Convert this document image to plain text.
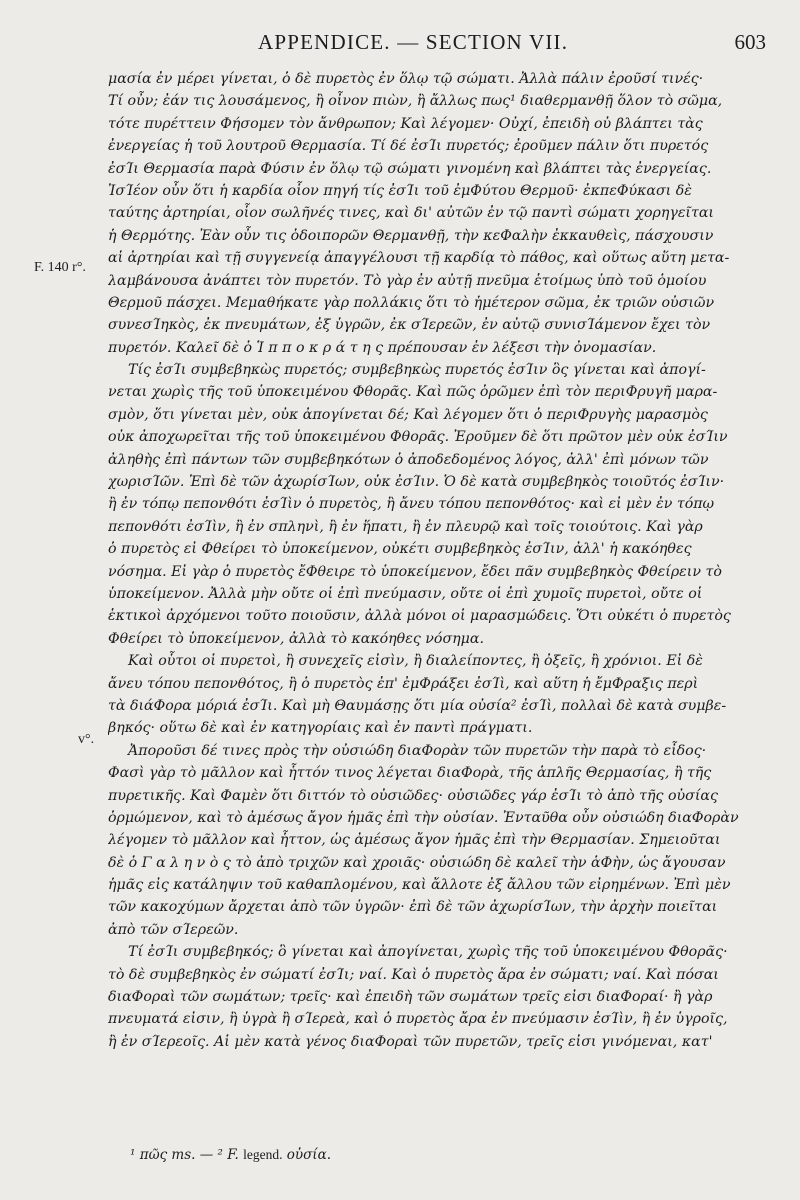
APPENDICE. — SECTION VII.	603
F. 140 r°.
v°.
μασία ἐν μέρει γίνεται, ὁ δὲ πυρετὸς ἐν ὅλῳ τῷ σώματι. Ἀλλὰ πάλιν ἐροῦσί τινές·
Τί οὖν; ἐάν τις λουσάμενος, ἢ οἶνον πιὼν, ἢ ἄλλως πως¹ διαθερμανθῇ ὅλον τὸ σῶμα,
τότε πυρέττειν Φήσομεν τὸν ἄνθρωπον; Καὶ λέγομεν· Οὐχί, ἐπειδὴ οὐ βλάπτει τὰς
ἐνεργείας ἡ τοῦ λουτροῦ Θερμασία. Τί δέ ἐσΊι πυρετός; ἐροῦμεν πάλιν ὅτι πυρετός
ἐσΊι Θερμασία παρὰ Φύσιν ἐν ὅλῳ τῷ σώματι γινομένη καὶ βλάπτει τὰς ἐνεργείας.
ἸσΊέον οὖν ὅτι ἡ καρδία οἷον πηγή τίς ἐσΊι τοῦ ἐμΦύτου Θερμοῦ· ἐκπεΦύκασι δὲ
ταύτης ἀρτηρίαι, οἷον σωλῆνές τινες, καὶ δι' αὐτῶν ἐν τῷ παντὶ σώματι χορηγεῖται
ἡ Θερμότης. Ἐὰν οὖν τις ὁδοιπορῶν Θερμανθῇ, τὴν κεΦαλὴν ἐκκαυθεὶς, πάσχουσιν
αἱ ἀρτηρίαι καὶ τῇ συγγενείᾳ ἀπαγγέλουσι τῇ καρδίᾳ τὸ πάθος, καὶ οὕτως αὕτη μετα-
λαμβάνουσα ἀνάπτει τὸν πυρετόν. Τὸ γὰρ ἐν αὐτῇ πνεῦμα ἑτοίμως ὑπὸ τοῦ ὁμοίου
Θερμοῦ πάσχει. Μεμαθήκατε γὰρ πολλάκις ὅτι τὸ ἡμέτερον σῶμα, ἐκ τριῶν οὐσιῶν
συνεσΊηκὸς, ἐκ πνευμάτων, ἐξ ὑγρῶν, ἐκ σΊερεῶν, ἐν αὐτῷ συνισΊάμενον ἔχει τὸν
πυρετόν. Καλεῖ δὲ ὁ Ἱ π π ο κ ρ ά τ η ς πρέπουσαν ἐν λέξεσι τὴν ὀνομασίαν.
Τίς ἐσΊι συμβεβηκὼς πυρετός; συμβεβηκὼς πυρετός ἐσΊιν ὃς γίνεται καὶ ἀπογί-
νεται χωρὶς τῆς τοῦ ὑποκειμένου Φθορᾶς. Καὶ πῶς ὁρῶμεν ἐπὶ τὸν περιΦρυγῆ μαρα-
σμὸν, ὅτι γίνεται μὲν, οὐκ ἀπογίνεται δέ; Καὶ λέγομεν ὅτι ὁ περιΦρυγὴς μαρασμὸς
οὐκ ἀποχωρεῖται τῆς τοῦ ὑποκειμένου Φθορᾶς. Ἐροῦμεν δὲ ὅτι πρῶτον μὲν οὐκ ἐσΊιν
ἀληθὴς ἐπὶ πάντων τῶν συμβεβηκότων ὁ ἀποδεδομένος λόγος, ἀλλ' ἐπὶ μόνων τῶν
χωρισΊῶν. Ἐπὶ δὲ τῶν ἀχωρίσΊων, οὐκ ἐσΊιν. Ὁ δὲ κατὰ συμβεβηκὸς τοιοῦτός ἐσΊιν·
ἢ ἐν τόπῳ πεπονθότι ἐσΊὶν ὁ πυρετὸς, ἢ ἄνευ τόπου πεπονθότος· καὶ εἰ μὲν ἐν τόπῳ
πεπονθότι ἐσΊὶν, ἢ ἐν σπληνὶ, ἢ ἐν ἥπατι, ἢ ἐν πλευρῷ καὶ τοῖς τοιούτοις. Καὶ γὰρ
ὁ πυρετὸς εἰ Φθείρει τὸ ὑποκείμενον, οὐκέτι συμβεβηκὸς ἐσΊιν, ἀλλ' ἡ κακόηθες
νόσημα. Εἰ γὰρ ὁ πυρετὸς ἔΦθειρε τὸ ὑποκείμενον, ἔδει πᾶν συμβεβηκὸς Φθείρειν τὸ
ὑποκείμενον. Ἀλλὰ μὴν οὔτε οἱ ἐπὶ πνεύμασιν, οὔτε οἱ ἐπὶ χυμοῖς πυρετοὶ, οὔτε οἱ
ἑκτικοὶ ἀρχόμενοι τοῦτο ποιοῦσιν, ἀλλὰ μόνοι οἱ μαρασμώδεις. Ὅτι οὐκέτι ὁ πυρετὸς
Φθείρει τὸ ὑποκείμενον, ἀλλὰ τὸ κακόηθες νόσημα.
Καὶ οὗτοι οἱ πυρετοὶ, ἢ συνεχεῖς εἰσὶν, ἢ διαλείποντες, ἢ ὀξεῖς, ἢ χρόνιοι. Εἰ δὲ
ἄνευ τόπου πεπονθότος, ἢ ὁ πυρετὸς ἐπ' ἐμΦράξει ἐσΊὶ, καὶ αὕτη ἡ ἔμΦραξις περὶ
τὰ διάΦορα μόριά ἐσΊι. Καὶ μὴ Θαυμάσῃς ὅτι μία οὐσία² ἐσΊὶ, πολλαὶ δὲ κατὰ συμβε-
βηκός· οὕτω δὲ καὶ ἐν κατηγορίαις καὶ ἐν παντὶ πράγματι.
Ἀποροῦσι δέ τινες πρὸς τὴν οὐσιώδη διαΦορὰν τῶν πυρετῶν τὴν παρὰ τὸ εἶδος·
Φασὶ γὰρ τὸ μᾶλλον καὶ ἧττόν τινος λέγεται διαΦορὰ, τῆς ἁπλῆς Θερμασίας, ἢ τῆς
πυρετικῆς. Καὶ Φαμὲν ὅτι διττόν τὸ οὐσιῶδες· οὐσιῶδες γάρ ἐσΊι τὸ ἀπὸ τῆς οὐσίας
ὁρμώμενον, καὶ τὸ ἀμέσως ἄγον ἡμᾶς ἐπὶ τὴν οὐσίαν. Ἐνταῦθα οὖν οὐσιώδη διαΦορὰν
λέγομεν τὸ μᾶλλον καὶ ἧττον, ὡς ἀμέσως ἄγον ἡμᾶς ἐπὶ τὴν Θερμασίαν. Σημειοῦται
δὲ ὁ Γ α λ η ν ὸ ς τὸ ἀπὸ τριχῶν καὶ χροιᾶς· οὐσιώδη δὲ καλεῖ τὴν ἁΦὴν, ὡς ἄγουσαν
ἡμᾶς εἰς κατάληψιν τοῦ καθαπλομένου, καὶ ἄλλοτε ἐξ ἄλλου τῶν εἰρημένων. Ἐπὶ μὲν
τῶν κακοχύμων ἄρχεται ἀπὸ τῶν ὑγρῶν· ἐπὶ δὲ τῶν ἀχωρίσΊων, τὴν ἀρχὴν ποιεῖται
ἀπὸ τῶν σΊερεῶν.
Τί ἐσΊι συμβεβηκός; ὃ γίνεται καὶ ἀπογίνεται, χωρὶς τῆς τοῦ ὑποκειμένου Φθορᾶς·
τὸ δὲ συμβεβηκὸς ἐν σώματί ἐσΊι; ναί. Καὶ ὁ πυρετὸς ἄρα ἐν σώματι; ναί. Καὶ πόσαι
διαΦοραὶ τῶν σωμάτων; τρεῖς· καὶ ἐπειδὴ τῶν σωμάτων τρεῖς εἰσι διαΦοραί· ἢ γὰρ
πνευματά εἰσιν, ἢ ὑγρὰ ἢ σΊερεὰ, καὶ ὁ πυρετὸς ἄρα ἐν πνεύμασιν ἐσΊὶν, ἢ ἐν ὑγροῖς,
ἢ ἐν σΊερεοῖς. Αἱ μὲν κατὰ γένος διαΦοραὶ τῶν πυρετῶν, τρεῖς εἰσι γινόμεναι, κατ'
¹ πῶς ms. — ² F. legend. οὐσία.
